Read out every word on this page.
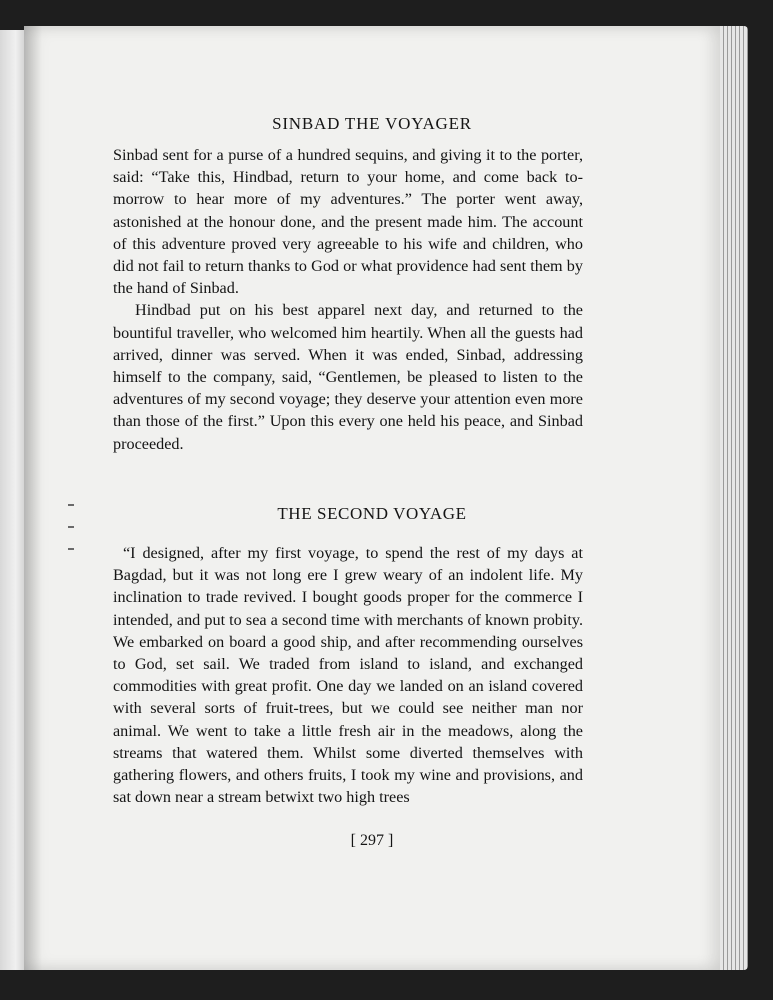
SINBAD THE VOYAGER

Sinbad sent for a purse of a hundred sequins, and giving it to the porter, said: “Take this, Hindbad, return to your home, and come back to-morrow to hear more of my adventures.” The porter went away, astonished at the honour done, and the present made him. The account of this adventure proved very agreeable to his wife and children, who did not fail to return thanks to God or what providence had sent them by the hand of Sinbad.

Hindbad put on his best apparel next day, and returned to the bountiful traveller, who welcomed him heartily. When all the guests had arrived, dinner was served. When it was ended, Sinbad, addressing himself to the company, said, “Gentlemen, be pleased to listen to the adventures of my second voyage; they deserve your attention even more than those of the first.” Upon this every one held his peace, and Sinbad proceeded.

THE SECOND VOYAGE

“I designed, after my first voyage, to spend the rest of my days at Bagdad, but it was not long ere I grew weary of an indolent life. My inclination to trade revived. I bought goods proper for the commerce I intended, and put to sea a second time with merchants of known probity. We embarked on board a good ship, and after recommending ourselves to God, set sail. We traded from island to island, and exchanged commodities with great profit. One day we landed on an island covered with several sorts of fruit-trees, but we could see neither man nor animal. We went to take a little fresh air in the meadows, along the streams that watered them. Whilst some diverted themselves with gathering flowers, and others fruits, I took my wine and provisions, and sat down near a stream betwixt two high trees

[ 297 ]
